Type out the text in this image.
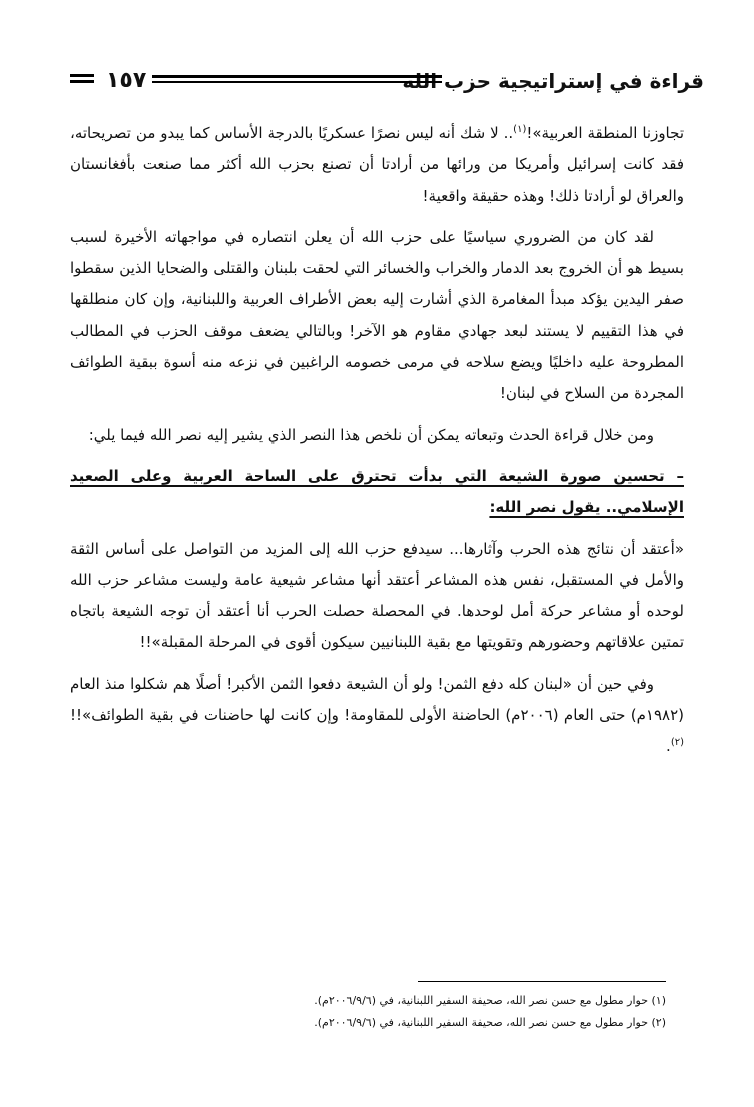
قراءة في إستراتيجية حزب الله
١٥٧

تجاوزنا المنطقة العربية»!$^{(١)}$.. لا شك أنه ليس نصرًا عسكريًا بالدرجة الأساس كما يبدو من تصريحاته، فقد كانت إسرائيل وأمريكا من ورائها من أرادتا أن تصنع بحزب الله أكثر مما صنعت بأفغانستان والعراق لو أرادتا ذلك! وهذه حقيقة واقعية!

لقد كان من الضروري سياسيًا على حزب الله أن يعلن انتصاره في مواجهاته الأخيرة لسبب بسيط هو أن الخروج بعد الدمار والخراب والخسائر التي لحقت بلبنان والقتلى والضحايا الذين سقطوا صفر اليدين يؤكد مبدأ المغامرة الذي أشارت إليه بعض الأطراف العربية واللبنانية، وإن كان منطلقها في هذا التقييم لا يستند لبعد جهادي مقاوم هو الآخر! وبالتالي يضعف موقف الحزب في المطالب المطروحة عليه داخليًا ويضع سلاحه في مرمى خصومه الراغبين في نزعه منه أسوة ببقية الطوائف المجردة من السلاح في لبنان!

ومن خلال قراءة الحدث وتبعاته يمكن أن نلخص هذا النصر الذي يشير إليه نصر الله فيما يلي:

– تحسين صورة الشيعة التي بدأت تحترق على الساحة العربية وعلى الصعيد الإسلامي.. يقول نصر الله:

«أعتقد أن نتائج هذه الحرب وآثارها... سيدفع حزب الله إلى المزيد من التواصل على أساس الثقة والأمل في المستقبل، نفس هذه المشاعر أعتقد أنها مشاعر شيعية عامة وليست مشاعر حزب الله لوحده أو مشاعر حركة أمل لوحدها. في المحصلة حصلت الحرب أنا أعتقد أن توجه الشيعة باتجاه تمتين علاقاتهم وحضورهم وتقويتها مع بقية اللبنانيين سيكون أقوى في المرحلة المقبلة»!!

وفي حين أن «لبنان كله دفع الثمن! ولو أن الشيعة دفعوا الثمن الأكبر! أصلًا هم شكلوا منذ العام (١٩٨٢م) حتى العام (٢٠٠٦م) الحاضنة الأولى للمقاومة! وإن كانت لها حاضنات في بقية الطوائف»!!$^{(٢)}$.

(١) حوار مطول مع حسن نصر الله، صحيفة السفير اللبنانية، في (٢٠٠٦/٩/٦م).
(٢) حوار مطول مع حسن نصر الله، صحيفة السفير اللبنانية، في (٢٠٠٦/٩/٦م).
